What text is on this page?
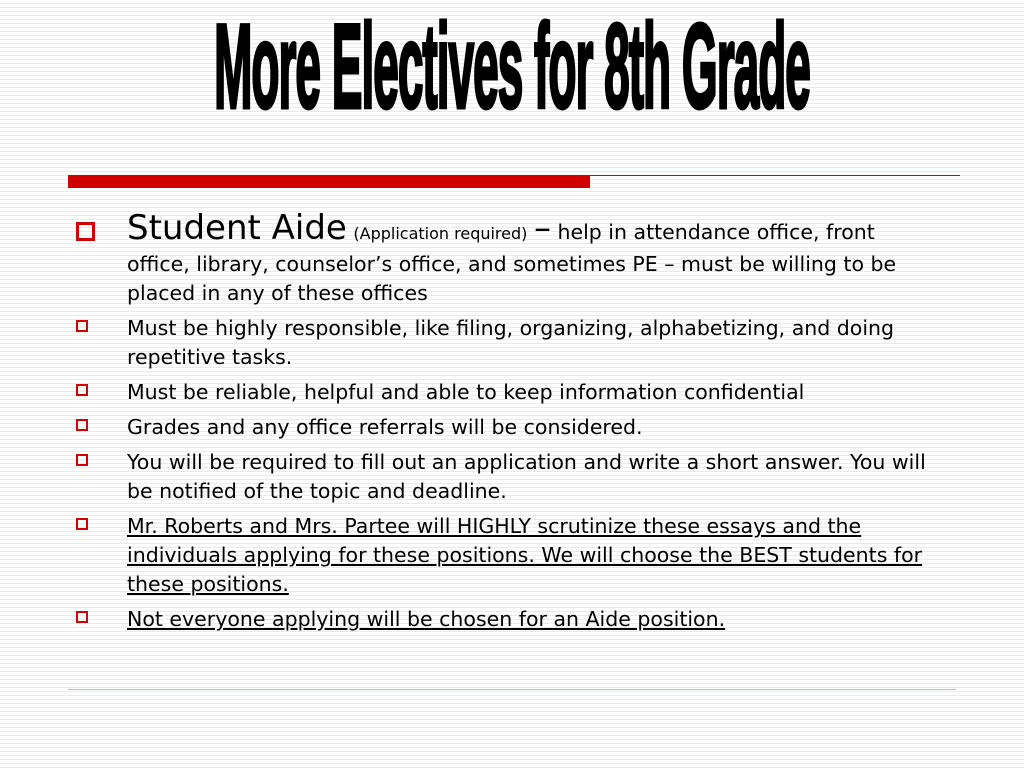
More Electives for 8th Grade
Student Aide (Application required) – help in attendance office, front office, library, counselor’s office, and sometimes PE – must be willing to be placed in any of these offices
Must be highly responsible, like filing, organizing, alphabetizing, and doing repetitive tasks.
Must be reliable, helpful and able to keep information confidential
Grades and any office referrals will be considered.
You will be required to fill out an application and write a short answer. You will be notified of the topic and deadline.
Mr. Roberts and Mrs. Partee will HIGHLY scrutinize these essays and the individuals applying for these positions. We will choose the BEST students for these positions.
Not everyone applying will be chosen for an Aide position.
